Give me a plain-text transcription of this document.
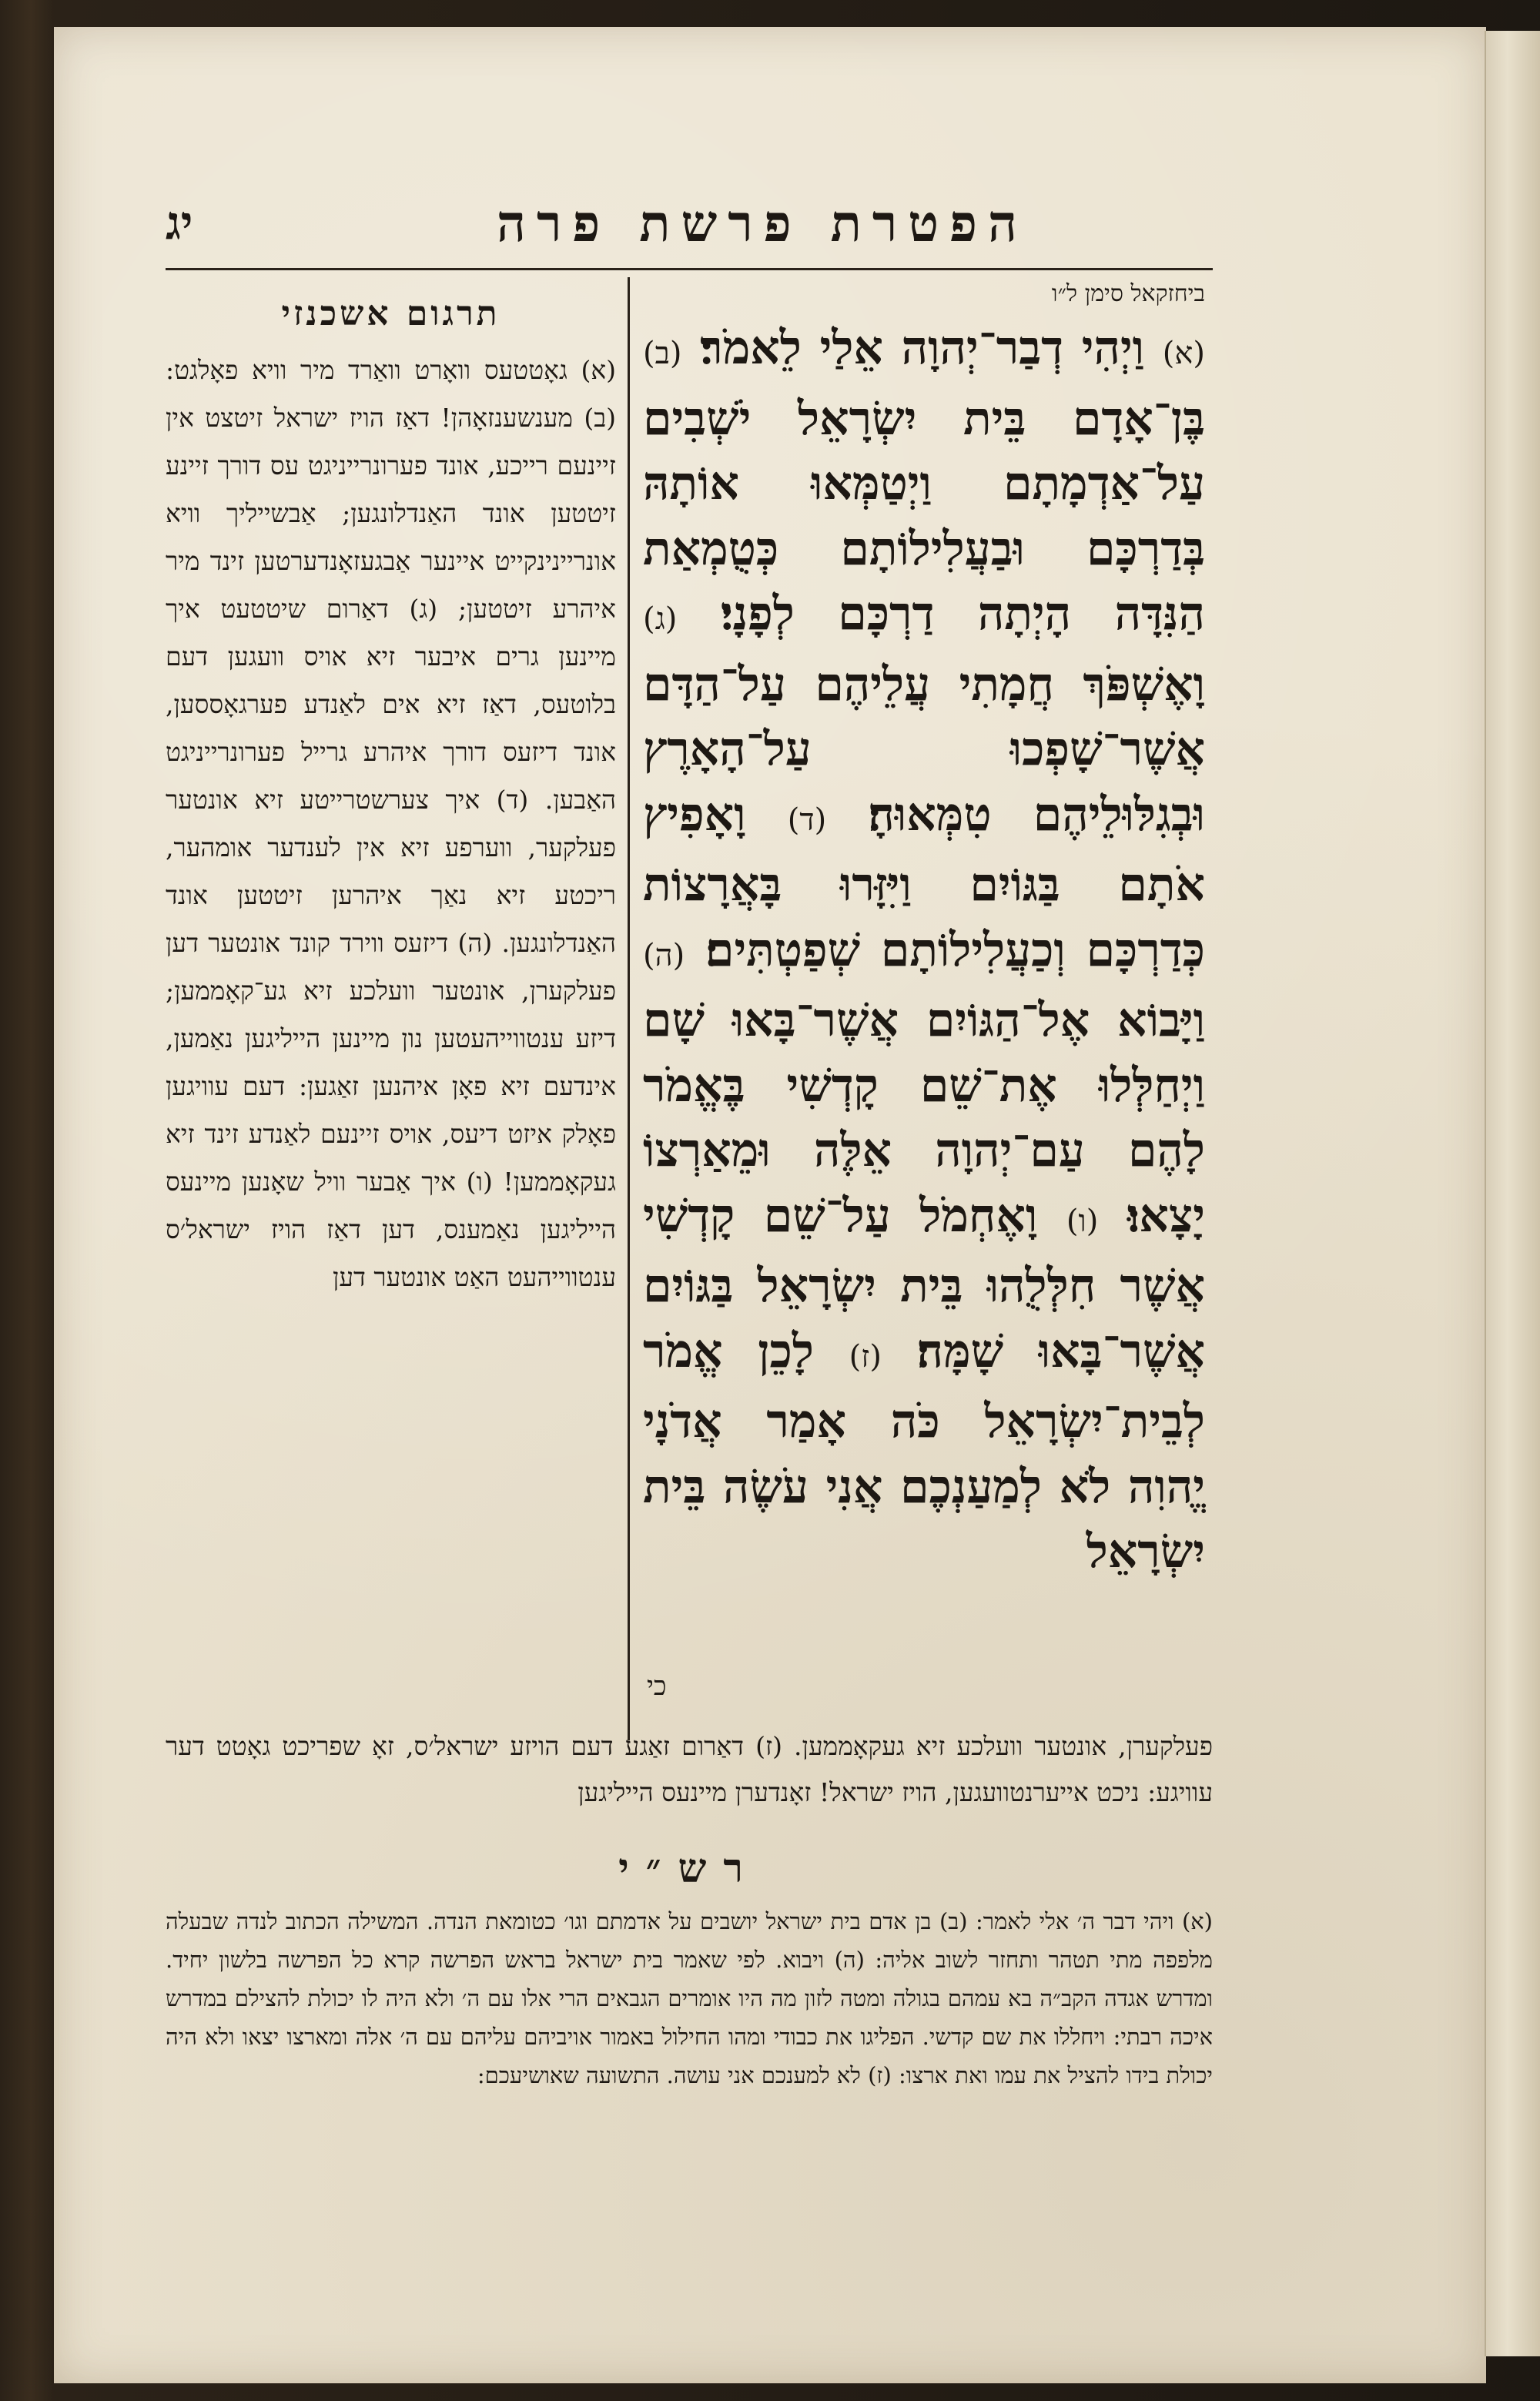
הפטרת פרשת פרה
יג
ביחזקאל סימן ל״ו
(א) וַיְהִי דְבַר־יְהוָה אֵלַי לֵאמֹר׃ (ב) בֶּן־אָדָם בֵּית יִשְׂרָאֵל יֹשְׁבִים עַל־אַדְמָתָם וַיְטַמְּאוּ אוֹתָהּ בְּדַרְכָּם וּבַעֲלִילוֹתָם כְּטֻמְאַת הַנִּדָּה הָיְתָה דַרְכָּם לְפָנָי׃ (ג) וָאֶשְׁפֹּךְ חֲמָתִי עֲלֵיהֶם עַל־הַדָּם אֲשֶׁר־שָׁפְכוּ עַל־הָאָרֶץ וּבְגִלּוּלֵיהֶם טִמְּאוּהָ׃ (ד) וָאָפִיץ אֹתָם בַּגּוֹיִם וַיִּזָּרוּ בָּאֲרָצוֹת כְּדַרְכָּם וְכַעֲלִילוֹתָם שְׁפַטְתִּים׃ (ה) וַיָּבוֹא אֶל־הַגּוֹיִם אֲשֶׁר־בָּאוּ שָׁם וַיְחַלְּלוּ אֶת־שֵׁם קָדְשִׁי בֶּאֱמֹר לָהֶם עַם־יְהוָה אֵלֶּה וּמֵאַרְצוֹ יָצָאוּ׃ (ו) וָאֶחְמֹל עַל־שֵׁם קָדְשִׁי אֲשֶׁר חִלְּלֻהוּ בֵּית יִשְׂרָאֵל בַּגּוֹיִם אֲשֶׁר־בָּאוּ שָׁמָּה׃ (ז) לָכֵן אֱמֹר לְבֵית־יִשְׂרָאֵל כֹּה אָמַר אֲדֹנָי יֱהוִה לֹא לְמַעַנְכֶם אֲנִי עֹשֶׂה בֵּית יִשְׂרָאֵל
כי
תרגום אשכנזי
(א) גאָטטעס וואָרט וואַרד מיר וויא פאָלגט: (ב) מענשענזאָהן! דאַז הויז ישראל זיטצט אין זיינעם רייכע, אונד פערונרייניגט עס דורך זיינע זיטטען אונד האַנדלונגען; אַבשייליך וויא אונריינינקייט איינער אַבגעזאָנדערטען זינד מיר איהרע זיטטען; (ג) דאַרום שיטטעט איך מיינען גרים איבער זיא אויס וועגען דעם בלוטעס, דאַז זיא אים לאַנדע פערגאָססען, אונד דיזעס דורך איהרע גרייל פערונרייניגט האַבען. (ד) איך צערשטרייטע זיא אונטער פעלקער, ווערפע זיא אין לענדער אומהער, ריכטע זיא נאַך איהרען זיטטען אונד האַנדלונגען. (ה) דיזעס ווירד קונד אונטער דען פעלקערן, אונטער וועלכע זיא גע־קאָממען; דיזע ענטווייהעטען נון מיינען הייליגען נאַמען, אינדעם זיא פאָן איהנען זאַגען: דעם עוויגען פאָלק איזט דיעס, אויס זיינעם לאַנדע זינד זיא געקאָממען! (ו) איך אַבער וויל שאָנען מיינעס הייליגען נאַמענס, דען דאַז הויז ישראל׳ס ענטווייהעט האַט אונטער דען
פעלקערן, אונטער וועלכע זיא געקאָממען. (ז) דאַרום זאַגע דעם הויזע ישראל׳ס, זאָ שפריכט גאָטט דער עוויגע: ניכט אייערנטוועגען, הויז ישראל! זאָנדערן מיינעס הייליגען
רש״י
(א) ויהי דבר ה׳ אלי לאמר: (ב) בן אדם בית ישראל יושבים על אדמתם וגו׳ כטומאת הנדה. המשילה הכתוב לנדה שבעלה מלפפה מתי תטהר ותחזר לשוב אליה: (ה) ויבוא. לפי שאמר בית ישראל בראש הפרשה קרא כל הפרשה בלשון יחיד. ומדרש אגדה הקב״ה בא עמהם בגולה ומטה לזון מה היו אומרים הגבאים הרי אלו עם ה׳ ולא היה לו יכולת להצילם במדרש איכה רבתי: ויחללו את שם קדשי. הפליגו את כבודי ומהו החילול באמור אויביהם עליהם עם ה׳ אלה ומארצו יצאו ולא היה יכולת בידו להציל את עמו ואת ארצו: (ז) לא למענכם אני עושה. התשועה שאושיעכם:
